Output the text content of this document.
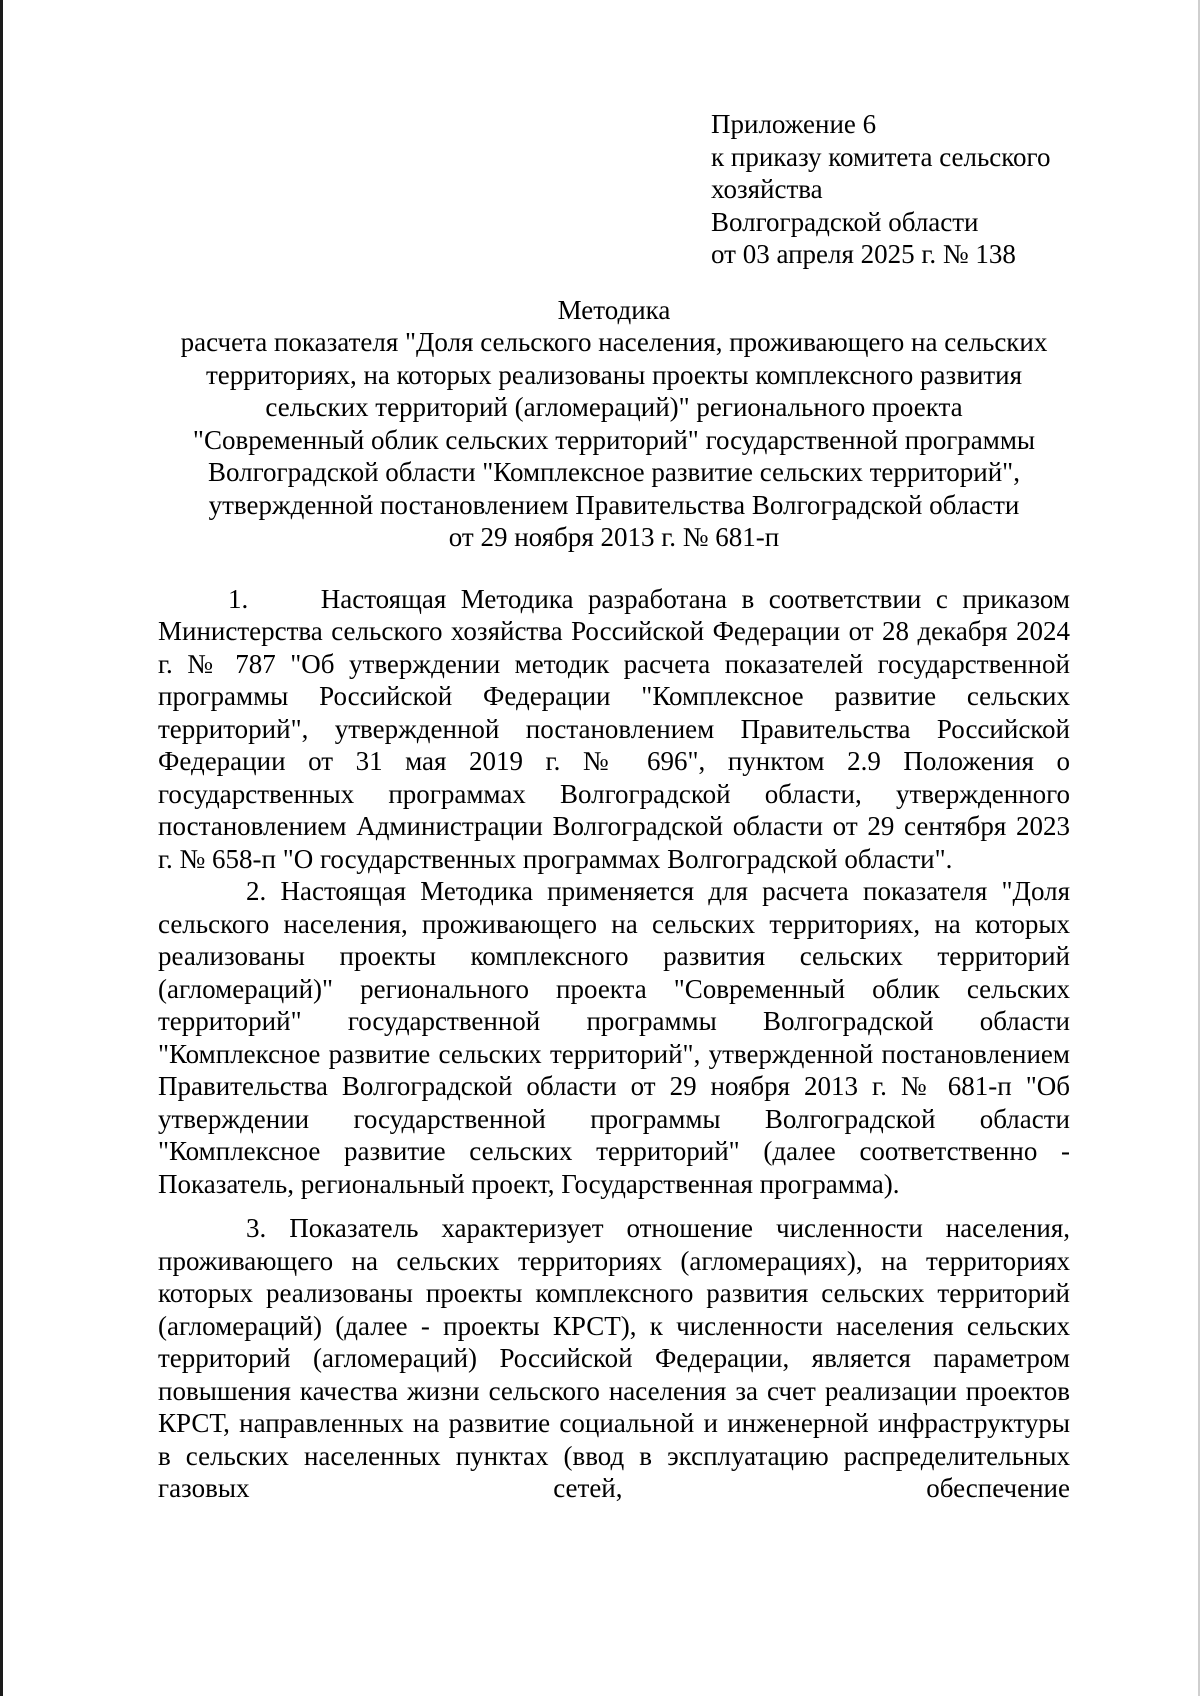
Приложение 6
к приказу комитета сельского
хозяйства
Волгоградской области
от 03 апреля 2025 г. № 138
Методика
расчета показателя "Доля сельского населения, проживающего на сельских
территориях, на которых реализованы проекты комплексного развития
сельских территорий (агломераций)" регионального проекта
"Современный облик сельских территорий" государственной программы
Волгоградской области "Комплексное развитие сельских территорий",
утвержденной постановлением Правительства Волгоградской области
от 29 ноября 2013 г. № 681-п

1.     Настоящая Методика разработана в соответствии с приказом Министерства сельского хозяйства Российской Федерации от 28 декабря 2024 г. № 787 "Об утверждении методик расчета показателей государственной программы Российской Федерации "Комплексное развитие сельских территорий", утвержденной постановлением Правительства Российской Федерации от 31 мая 2019 г. № 696", пунктом 2.9 Положения о государственных программах Волгоградской области, утвержденного постановлением Администрации Волгоградской области от 29 сентября 2023 г. № 658-п "О государственных программах Волгоградской области".

2. Настоящая Методика применяется для расчета показателя "Доля сельского населения, проживающего на сельских территориях, на которых реализованы проекты комплексного развития сельских территорий (агломераций)" регионального проекта "Современный облик сельских территорий" государственной программы Волгоградской области "Комплексное развитие сельских территорий", утвержденной постановлением Правительства Волгоградской области от 29 ноября 2013 г. № 681-п "Об утверждении государственной программы Волгоградской области "Комплексное развитие сельских территорий" (далее соответственно - Показатель, региональный проект, Государственная программа).

3. Показатель характеризует отношение численности населения, проживающего на сельских территориях (агломерациях), на территориях которых реализованы проекты комплексного развития сельских территорий (агломераций) (далее - проекты КРСТ), к численности населения сельских территорий (агломераций) Российской Федерации, является параметром повышения качества жизни сельского населения за счет реализации проектов КРСТ, направленных на развитие социальной и инженерной инфраструктуры в сельских населенных пунктах (ввод в эксплуатацию распределительных газовых сетей, обеспечение
